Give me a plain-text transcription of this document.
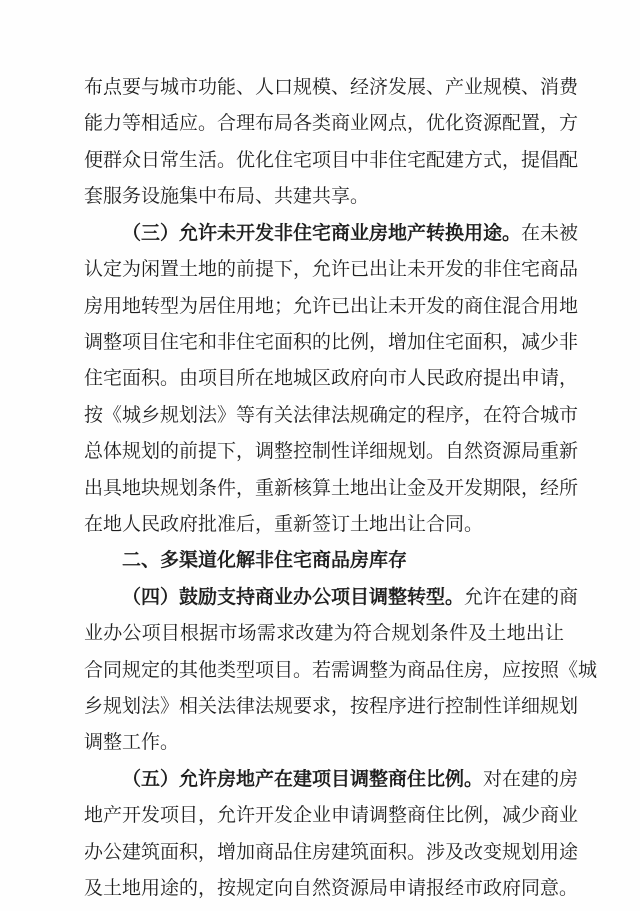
布点要与城市功能、人口规模、经济发展、产业规模、消费
能力等相适应。合理布局各类商业网点，优化资源配置，方
便群众日常生活。优化住宅项目中非住宅配建方式，提倡配
套服务设施集中布局、共建共享。
（三）允许未开发非住宅商业房地产转换用途。在未被
认定为闲置土地的前提下，允许已出让未开发的非住宅商品
房用地转型为居住用地；允许已出让未开发的商住混合用地
调整项目住宅和非住宅面积的比例，增加住宅面积，减少非
住宅面积。由项目所在地城区政府向市人民政府提出申请，
按《城乡规划法》等有关法律法规确定的程序，在符合城市
总体规划的前提下，调整控制性详细规划。自然资源局重新
出具地块规划条件，重新核算土地出让金及开发期限，经所
在地人民政府批准后，重新签订土地出让合同。
二、多渠道化解非住宅商品房库存
（四）鼓励支持商业办公项目调整转型。允许在建的商
业办公项目根据市场需求改建为符合规划条件及土地出让
合同规定的其他类型项目。若需调整为商品住房，应按照《城
乡规划法》相关法律法规要求，按程序进行控制性详细规划
调整工作。
（五）允许房地产在建项目调整商住比例。对在建的房
地产开发项目，允许开发企业申请调整商住比例，减少商业
办公建筑面积，增加商品住房建筑面积。涉及改变规划用途
及土地用途的，按规定向自然资源局申请报经市政府同意。
